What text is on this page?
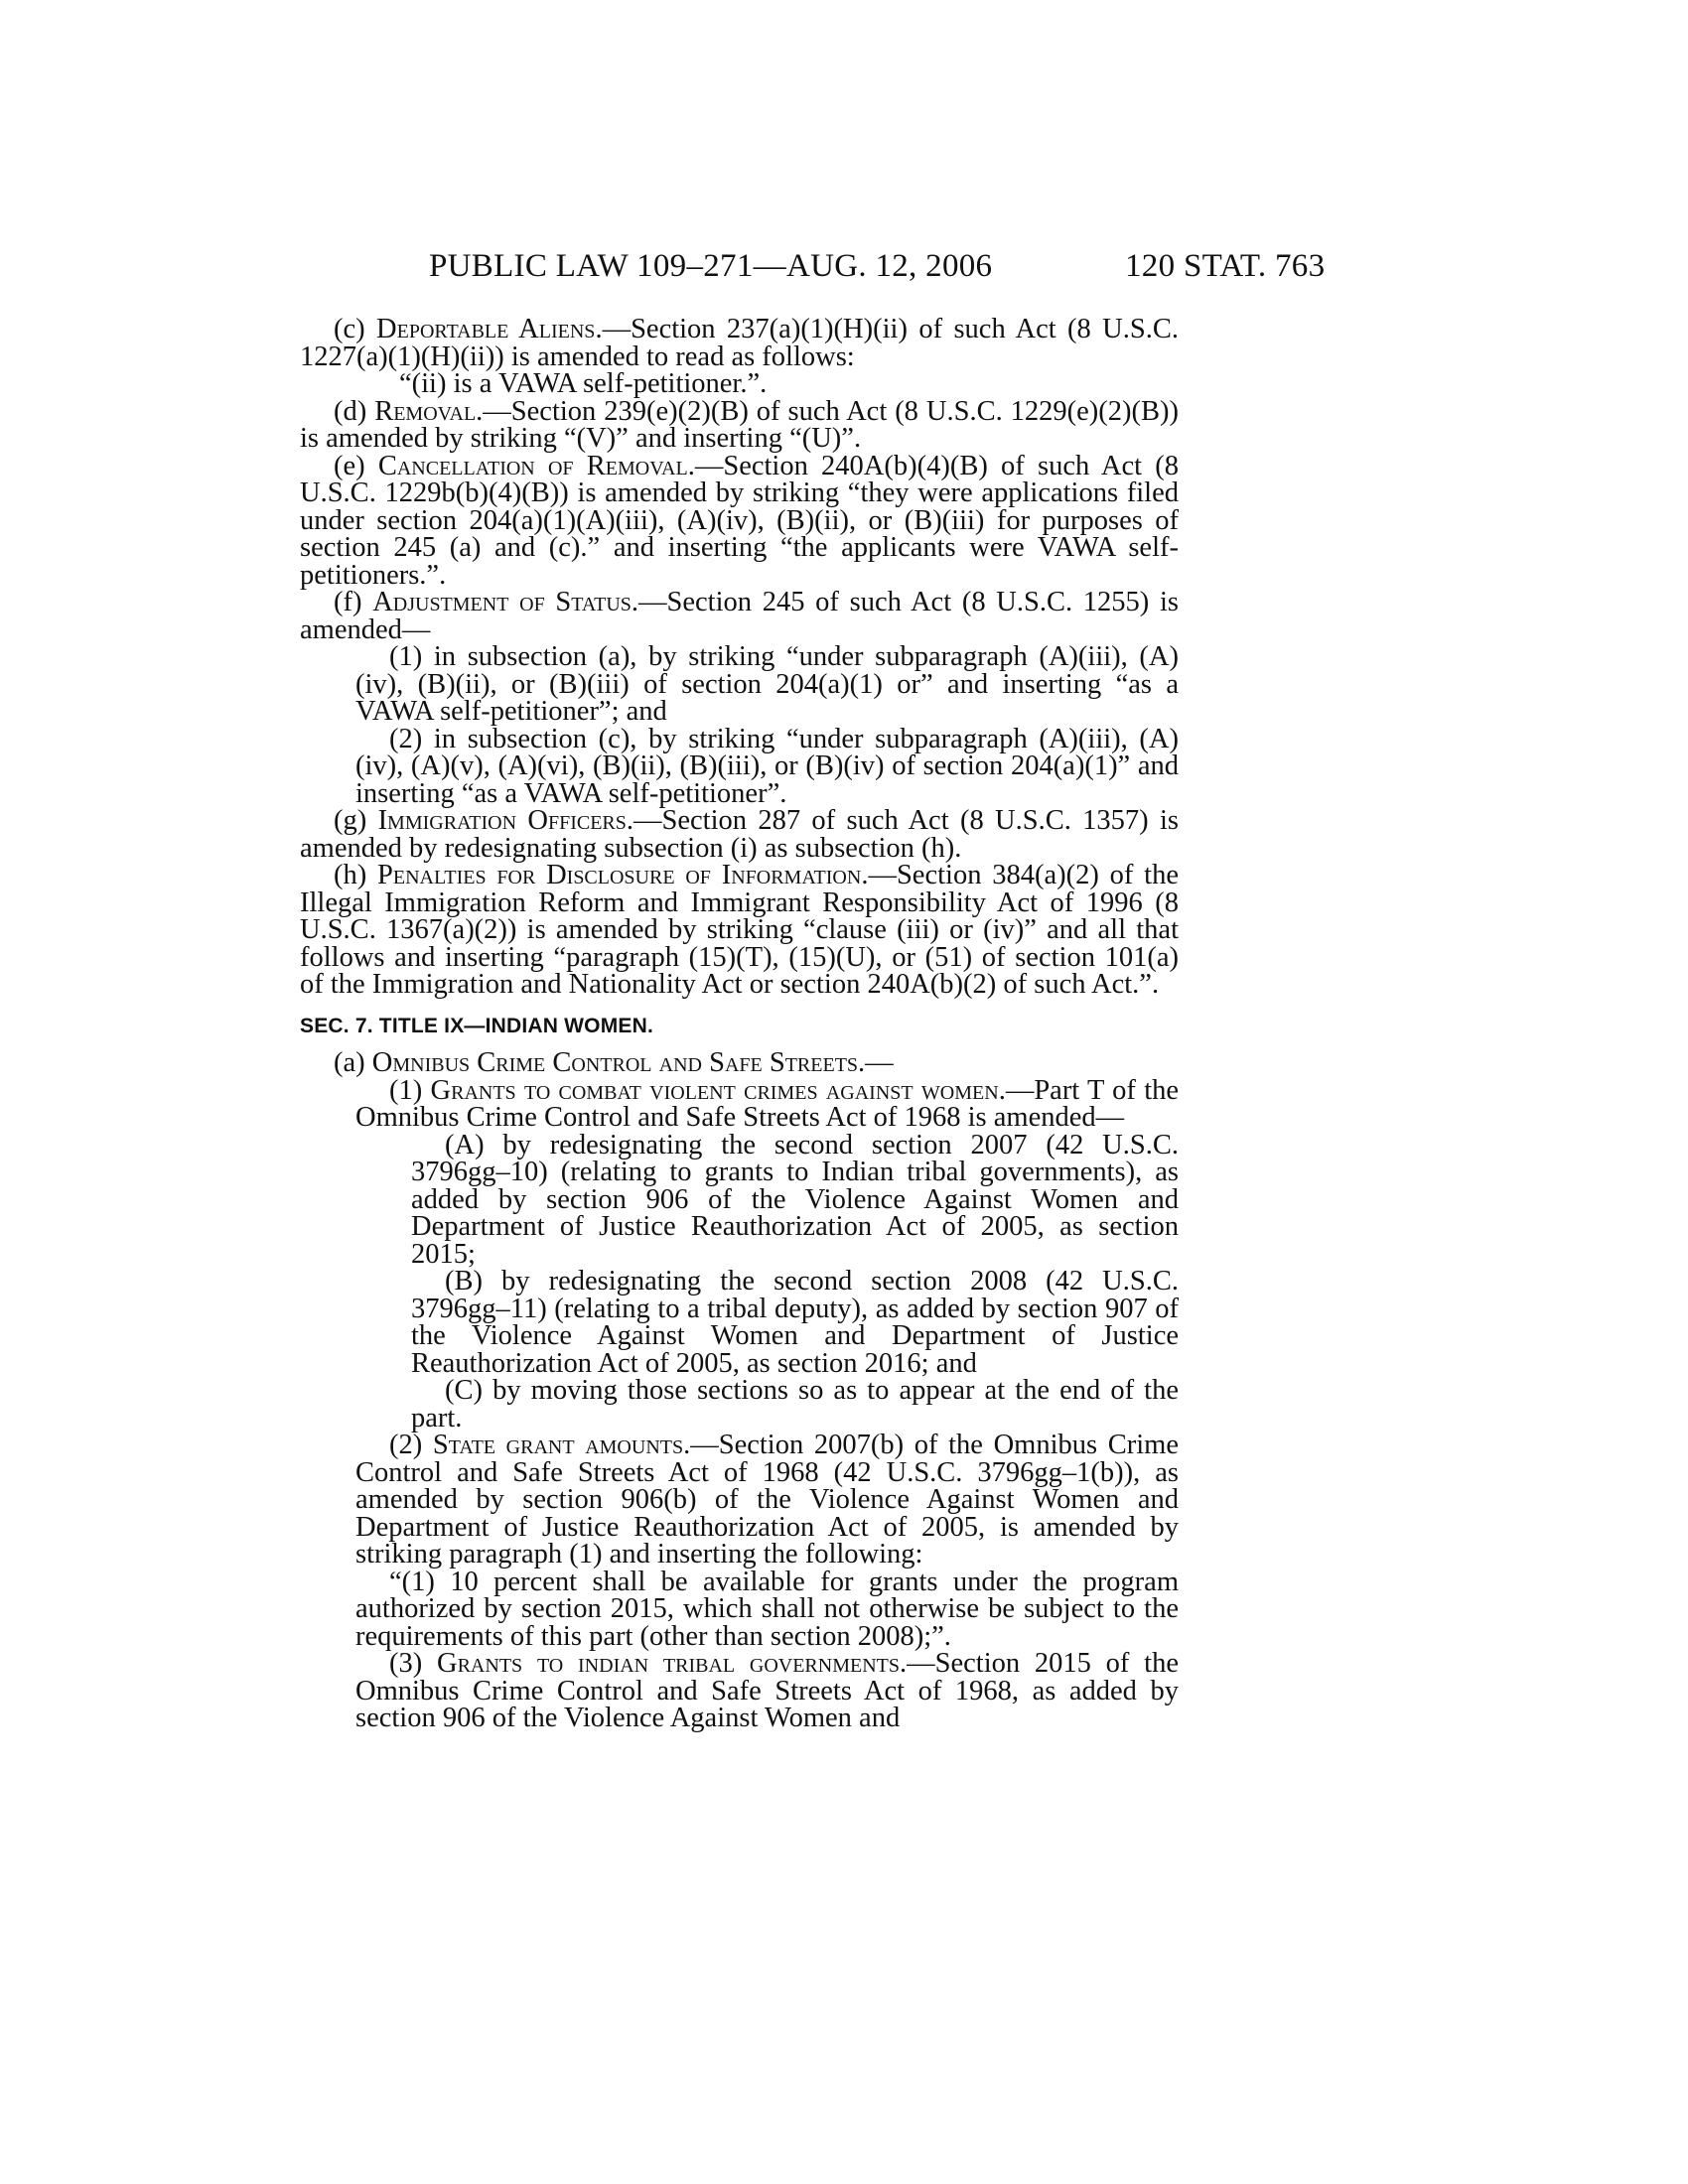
PUBLIC LAW 109–271—AUG. 12, 2006	120 STAT. 763

(c) Deportable Aliens.—Section 237(a)(1)(H)(ii) of such Act (8 U.S.C. 1227(a)(1)(H)(ii)) is amended to read as follows:

“(ii) is a VAWA self-petitioner.”.

(d) Removal.—Section 239(e)(2)(B) of such Act (8 U.S.C. 1229(e)(2)(B)) is amended by striking “(V)” and inserting “(U)”.

(e) Cancellation of Removal.—Section 240A(b)(4)(B) of such Act (8 U.S.C. 1229b(b)(4)(B)) is amended by striking “they were applications filed under section 204(a)(1)(A)(iii), (A)(iv), (B)(ii), or (B)(iii) for purposes of section 245 (a) and (c).” and inserting “the applicants were VAWA self-petitioners.”.

(f) Adjustment of Status.—Section 245 of such Act (8 U.S.C. 1255) is amended—

(1) in subsection (a), by striking “under subparagraph (A)(iii), (A)(iv), (B)(ii), or (B)(iii) of section 204(a)(1) or” and inserting “as a VAWA self-petitioner”; and

(2) in subsection (c), by striking “under subparagraph (A)(iii), (A)(iv), (A)(v), (A)(vi), (B)(ii), (B)(iii), or (B)(iv) of section 204(a)(1)” and inserting “as a VAWA self-petitioner”.

(g) Immigration Officers.—Section 287 of such Act (8 U.S.C. 1357) is amended by redesignating subsection (i) as subsection (h).

(h) Penalties for Disclosure of Information.—Section 384(a)(2) of the Illegal Immigration Reform and Immigrant Responsibility Act of 1996 (8 U.S.C. 1367(a)(2)) is amended by striking “clause (iii) or (iv)” and all that follows and inserting “paragraph (15)(T), (15)(U), or (51) of section 101(a) of the Immigration and Nationality Act or section 240A(b)(2) of such Act.”.

SEC. 7. TITLE IX—INDIAN WOMEN.

(a) Omnibus Crime Control and Safe Streets.—

(1) Grants to combat violent crimes against women.—Part T of the Omnibus Crime Control and Safe Streets Act of 1968 is amended—

(A) by redesignating the second section 2007 (42 U.S.C. 3796gg–10) (relating to grants to Indian tribal governments), as added by section 906 of the Violence Against Women and Department of Justice Reauthorization Act of 2005, as section 2015;

(B) by redesignating the second section 2008 (42 U.S.C. 3796gg–11) (relating to a tribal deputy), as added by section 907 of the Violence Against Women and Department of Justice Reauthorization Act of 2005, as section 2016; and

(C) by moving those sections so as to appear at the end of the part.

(2) State grant amounts.—Section 2007(b) of the Omnibus Crime Control and Safe Streets Act of 1968 (42 U.S.C. 3796gg–1(b)), as amended by section 906(b) of the Violence Against Women and Department of Justice Reauthorization Act of 2005, is amended by striking paragraph (1) and inserting the following:

“(1) 10 percent shall be available for grants under the program authorized by section 2015, which shall not otherwise be subject to the requirements of this part (other than section 2008);”.

(3) Grants to indian tribal governments.—Section 2015 of the Omnibus Crime Control and Safe Streets Act of 1968, as added by section 906 of the Violence Against Women and
